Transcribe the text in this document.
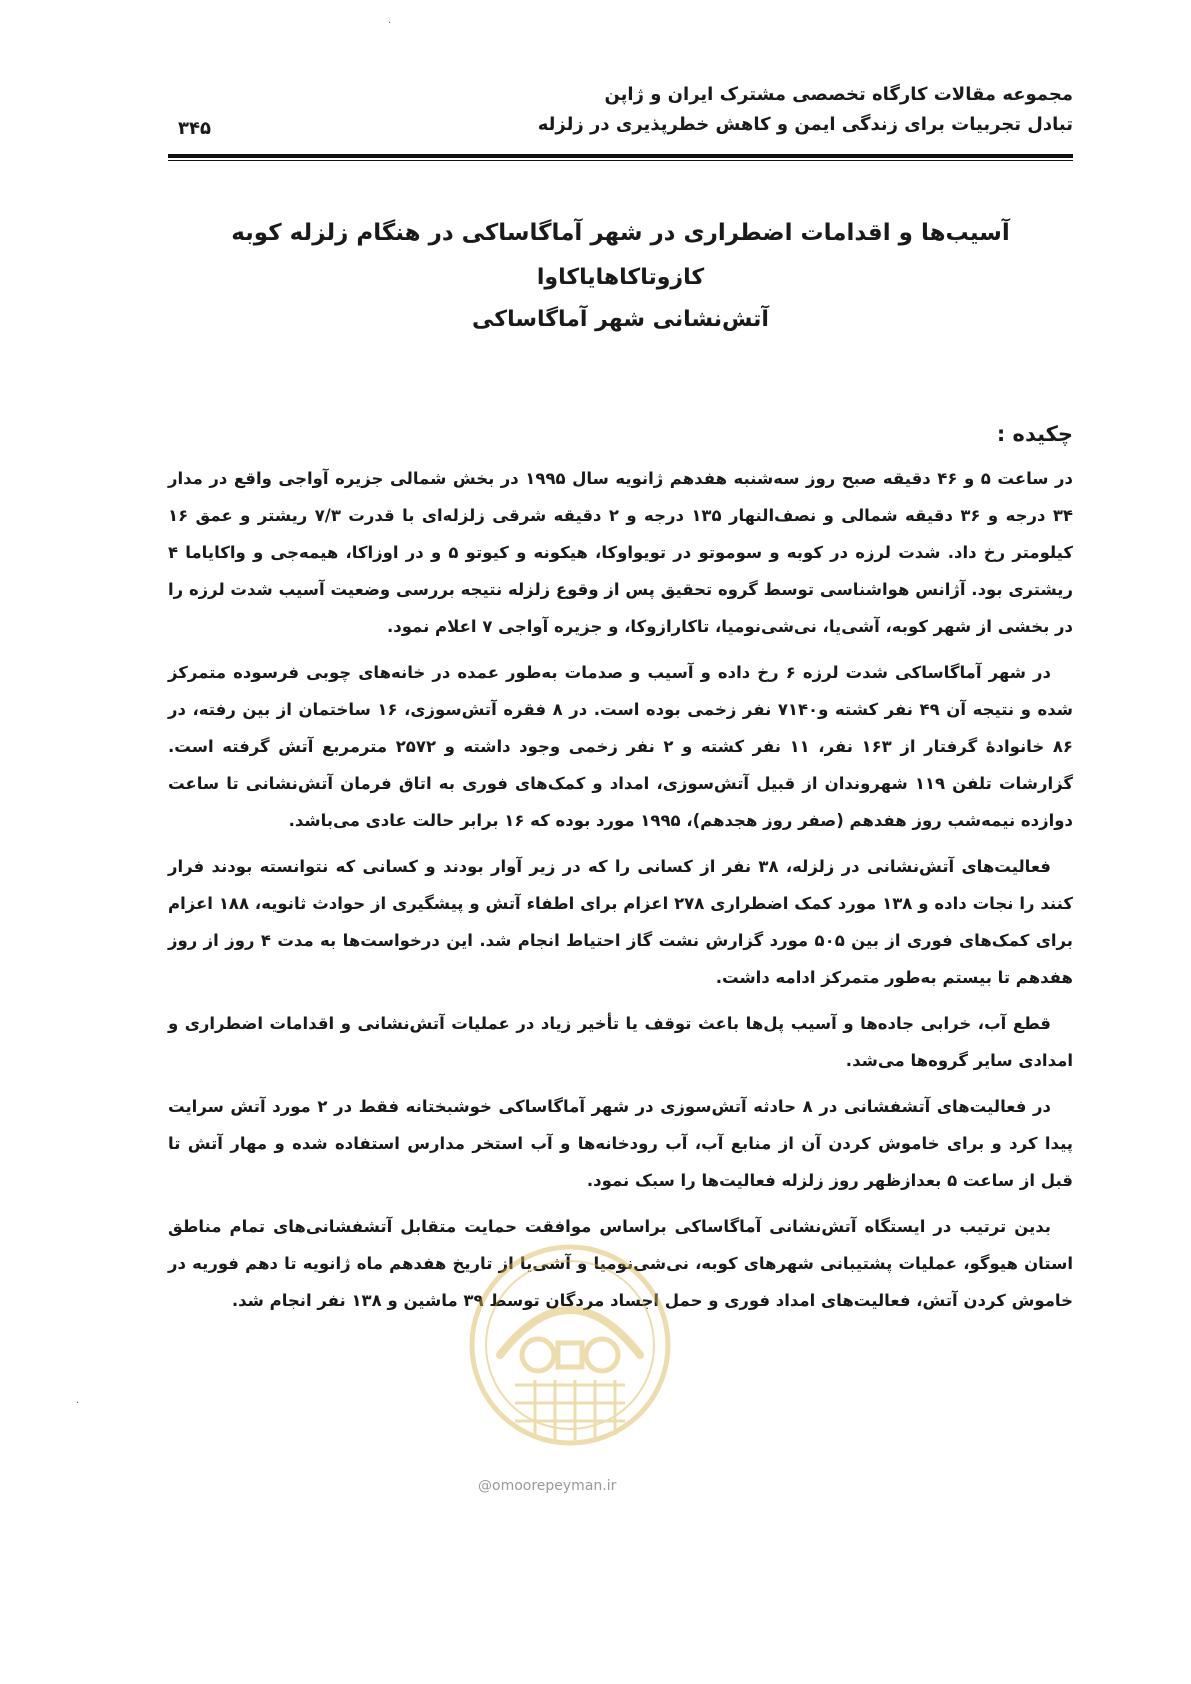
مجموعه مقالات کارگاه تخصصی مشترک ایران و ژاپن
تبادل تجربیات برای زندگی ایمن و کاهش خطرپذیری در زلزله
۳۴۵
آسیب‌ها و اقدامات اضطراری در شهر آماگاساکی در هنگام زلزله کوبه
کازوتاکاهایاکاوا
آتش‌نشانی شهر آماگاساکی
چکیده :

در ساعت ۵ و ۴۶ دقیقه صبح روز سه‌شنبه هفدهم ژانویه سال ۱۹۹۵ در بخش شمالی جزیره آواجی واقع در مدار ۳۴ درجه و ۳۶ دقیقه شمالی و نصف‌النهار ۱۳۵ درجه و ۲ دقیقه شرقی زلزله‌ای با قدرت ۷/۳ ریشتر و عمق ۱۶ کیلومتر رخ داد. شدت لرزه در کوبه و سوموتو در تویواوکا، هیکونه و کیوتو ۵ و در اوزاکا، هیمه‌جی و واکایاما ۴ ریشتری بود. آژانس هواشناسی توسط گروه تحقیق پس از وقوع زلزله نتیجه بررسی وضعیت آسیب شدت لرزه را در بخشی از شهر کوبه، آشی‌یا، نی‌شی‌نومیا، تاکارازوکا، و جزیره آواجی ۷ اعلام نمود.

در شهر آماگاساکی شدت لرزه ۶ رخ داده و آسیب و صدمات به‌طور عمده در خانه‌های چوبی فرسوده متمرکز شده و نتیجه آن ۴۹ نفر کشته و۷۱۴۰ نفر زخمی بوده است. در ۸ فقره آتش‌سوزی، ۱۶ ساختمان از بین رفته، در ۸۶ خانوادهٔ گرفتار از ۱۶۳ نفر، ۱۱ نفر کشته و ۲ نفر زخمی وجود داشته و ۲۵۷۲ مترمربع آتش گرفته است. گزارشات تلفن ۱۱۹ شهروندان از قبیل آتش‌سوزی، امداد و کمک‌های فوری به اتاق فرمان آتش‌نشانی تا ساعت دوازده نیمه‌شب روز هفدهم (صفر روز هجدهم)، ۱۹۹۵ مورد بوده که ۱۶ برابر حالت عادی می‌باشد.

فعالیت‌های آتش‌نشانی در زلزله، ۳۸ نفر از کسانی را که در زیر آوار بودند و کسانی که نتوانسته بودند فرار کنند را نجات داده و ۱۳۸ مورد کمک اضطراری ۲۷۸ اعزام برای اطفاء آتش و پیشگیری از حوادث ثانویه، ۱۸۸ اعزام برای کمک‌های فوری از بین ۵۰۵ مورد گزارش نشت گاز احتیاط انجام شد. این درخواست‌ها به مدت ۴ روز از روز هفدهم تا بیستم به‌طور متمرکز ادامه داشت.

قطع آب، خرابی جاده‌ها و آسیب پل‌ها باعث توقف یا تأخیر زیاد در عملیات آتش‌نشانی و اقدامات اضطراری و امدادی سایر گروه‌ها می‌شد.

در فعالیت‌های آتشفشانی در ۸ حادثه آتش‌سوزی در شهر آماگاساکی خوشبختانه فقط در ۲ مورد آتش سرایت پیدا کرد و برای خاموش کردن آن از منابع آب، آب رودخانه‌ها و آب استخر مدارس استفاده شده و مهار آتش تا قبل از ساعت ۵ بعدازظهر روز زلزله فعالیت‌ها را سبک نمود.

بدین ترتیب در ایستگاه آتش‌نشانی آماگاساکی براساس موافقت حمایت متقابل آتشفشانی‌های تمام مناطق استان هیوگو، عملیات پشتیبانی شهرهای کوبه، نی‌شی‌نومیا و آشی‌یا از تاریخ هفدهم ماه ژانویه تا دهم فوریه در خاموش کردن آتش، فعالیت‌های امداد فوری و حمل اجساد مردگان توسط ۳۹ ماشین و ۱۳۸ نفر انجام شد.

@omoorepeyman.ir
·
·
